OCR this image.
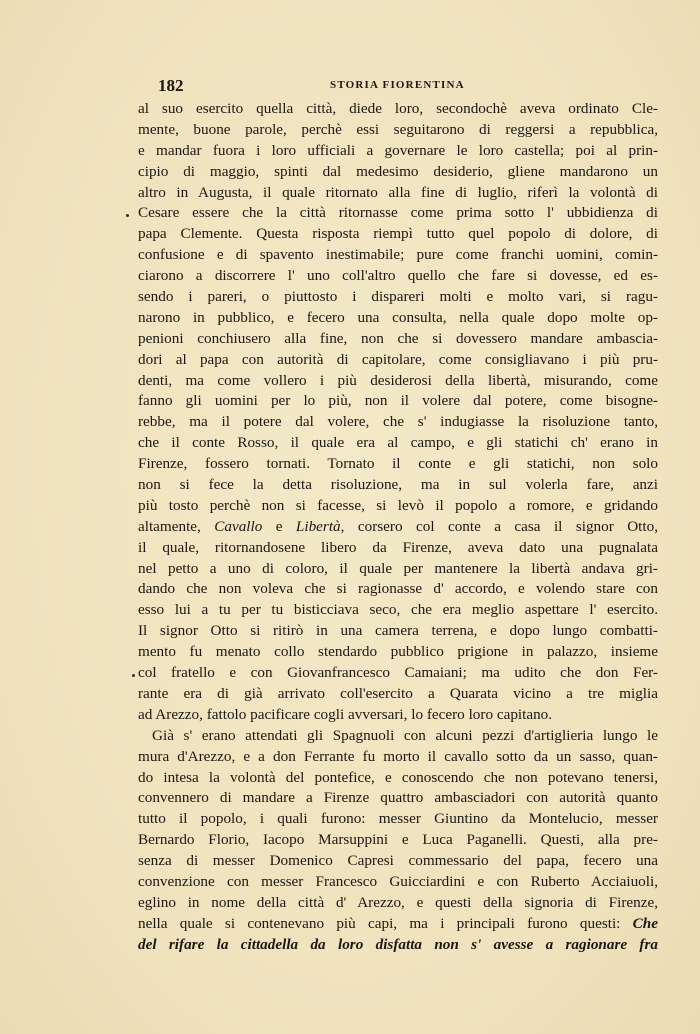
182	STORIA FIORENTINA
al suo esercito quella città, diede loro, secondochè aveva ordinato Cle-
mente, buone parole, perchè essi seguitarono di reggersi a repubblica,
e mandar fuora i loro ufficiali a governare le loro castella; poi al prin-
cipio di maggio, spinti dal medesimo desiderio, gliene mandarono un
altro in Augusta, il quale ritornato alla fine di luglio, riferì la volontà di
Cesare essere che la città ritornasse come prima sotto l' ubbidienza di
papa Clemente. Questa risposta riempì tutto quel popolo di dolore, di
confusione e di spavento inestimabile; pure come franchi uomini, comin-
ciarono a discorrere l' uno coll'altro quello che fare si dovesse, ed es-
sendo i pareri, o piuttosto i dispareri molti e molto vari, si ragu-
narono in pubblico, e fecero una consulta, nella quale dopo molte op-
penioni conchiusero alla fine, non che si dovessero mandare ambascia-
dori al papa con autorità di capitolare, come consigliavano i più pru-
denti, ma come vollero i più desiderosi della libertà, misurando, come
fanno gli uomini per lo più, non il volere dal potere, come bisogne-
rebbe, ma il potere dal volere, che s' indugiasse la risoluzione tanto,
che il conte Rosso, il quale era al campo, e gli statichi ch' erano in
Firenze, fossero tornati. Tornato il conte e gli statichi, non solo
non si fece la detta risoluzione, ma in sul volerla fare, anzi
più tosto perchè non si facesse, si levò il popolo a romore, e gridando
altamente, Cavallo e Libertà, corsero col conte a casa il signor Otto,
il quale, ritornandosene libero da Firenze, aveva dato una pugnalata
nel petto a uno di coloro, il quale per mantenere la libertà andava gri-
dando che non voleva che si ragionasse d' accordo, e volendo stare con
esso lui a tu per tu bisticciava seco, che era meglio aspettare l' esercito.
Il signor Otto si ritirò in una camera terrena, e dopo lungo combatti-
mento fu menato collo stendardo pubblico prigione in palazzo, insieme
col fratello e con Giovanfrancesco Camaiani; ma udito che don Fer-
rante era di già arrivato coll'esercito a Quarata vicino a tre miglia
ad Arezzo, fattolo pacificare cogli avversari, lo fecero loro capitano.
Già s' erano attendati gli Spagnuoli con alcuni pezzi d'artiglieria lungo le
mura d'Arezzo, e a don Ferrante fu morto il cavallo sotto da un sasso, quan-
do intesa la volontà del pontefice, e conoscendo che non potevano tenersi,
convennero di mandare a Firenze quattro ambasciadori con autorità quanto
tutto il popolo, i quali furono: messer Giuntino da Montelucio, messer
Bernardo Florio, Iacopo Marsuppini e Luca Paganelli. Questi, alla pre-
senza di messer Domenico Capresi commessario del papa, fecero una
convenzione con messer Francesco Guicciardini e con Ruberto Acciaiuoli,
eglino in nome della città d' Arezzo, e questi della signoria di Firenze,
nella quale si contenevano più capi, ma i principali furono questi: Che
del rifare la cittadella da loro disfatta non s' avesse a ragionare fra
